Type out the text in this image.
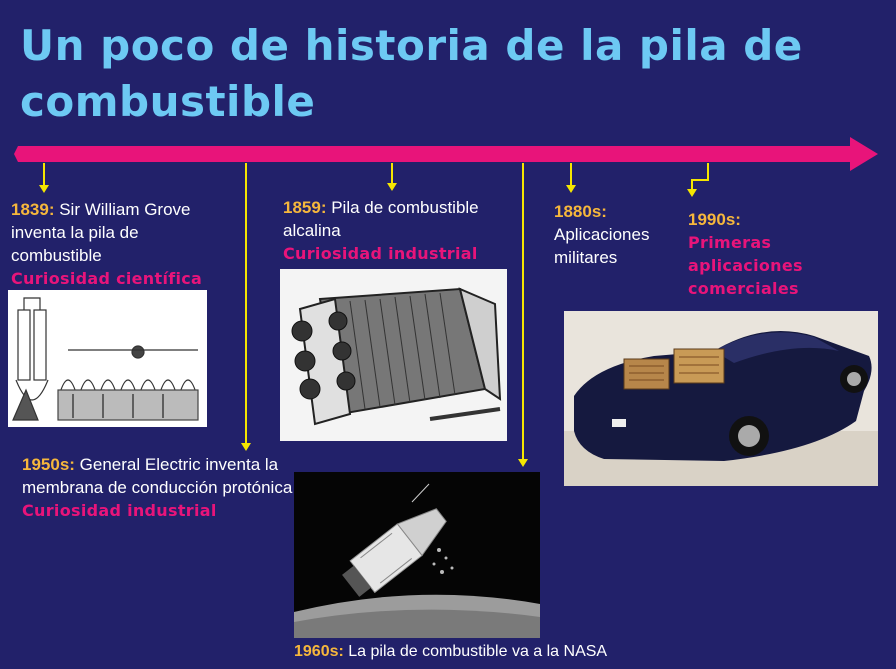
Un poco de historia de la pila de
combustible
1839: Sir William Grove inventa la pila de combustible
Curiosidad científica
1859: Pila de combustible alcalina
Curiosidad industrial
1880s:
Aplicaciones militares
1990s:
Primeras aplicaciones comerciales
1950s: General Electric inventa la membrana de conducción protónica
Curiosidad industrial
1960s: La pila de combustible va a la NASA
